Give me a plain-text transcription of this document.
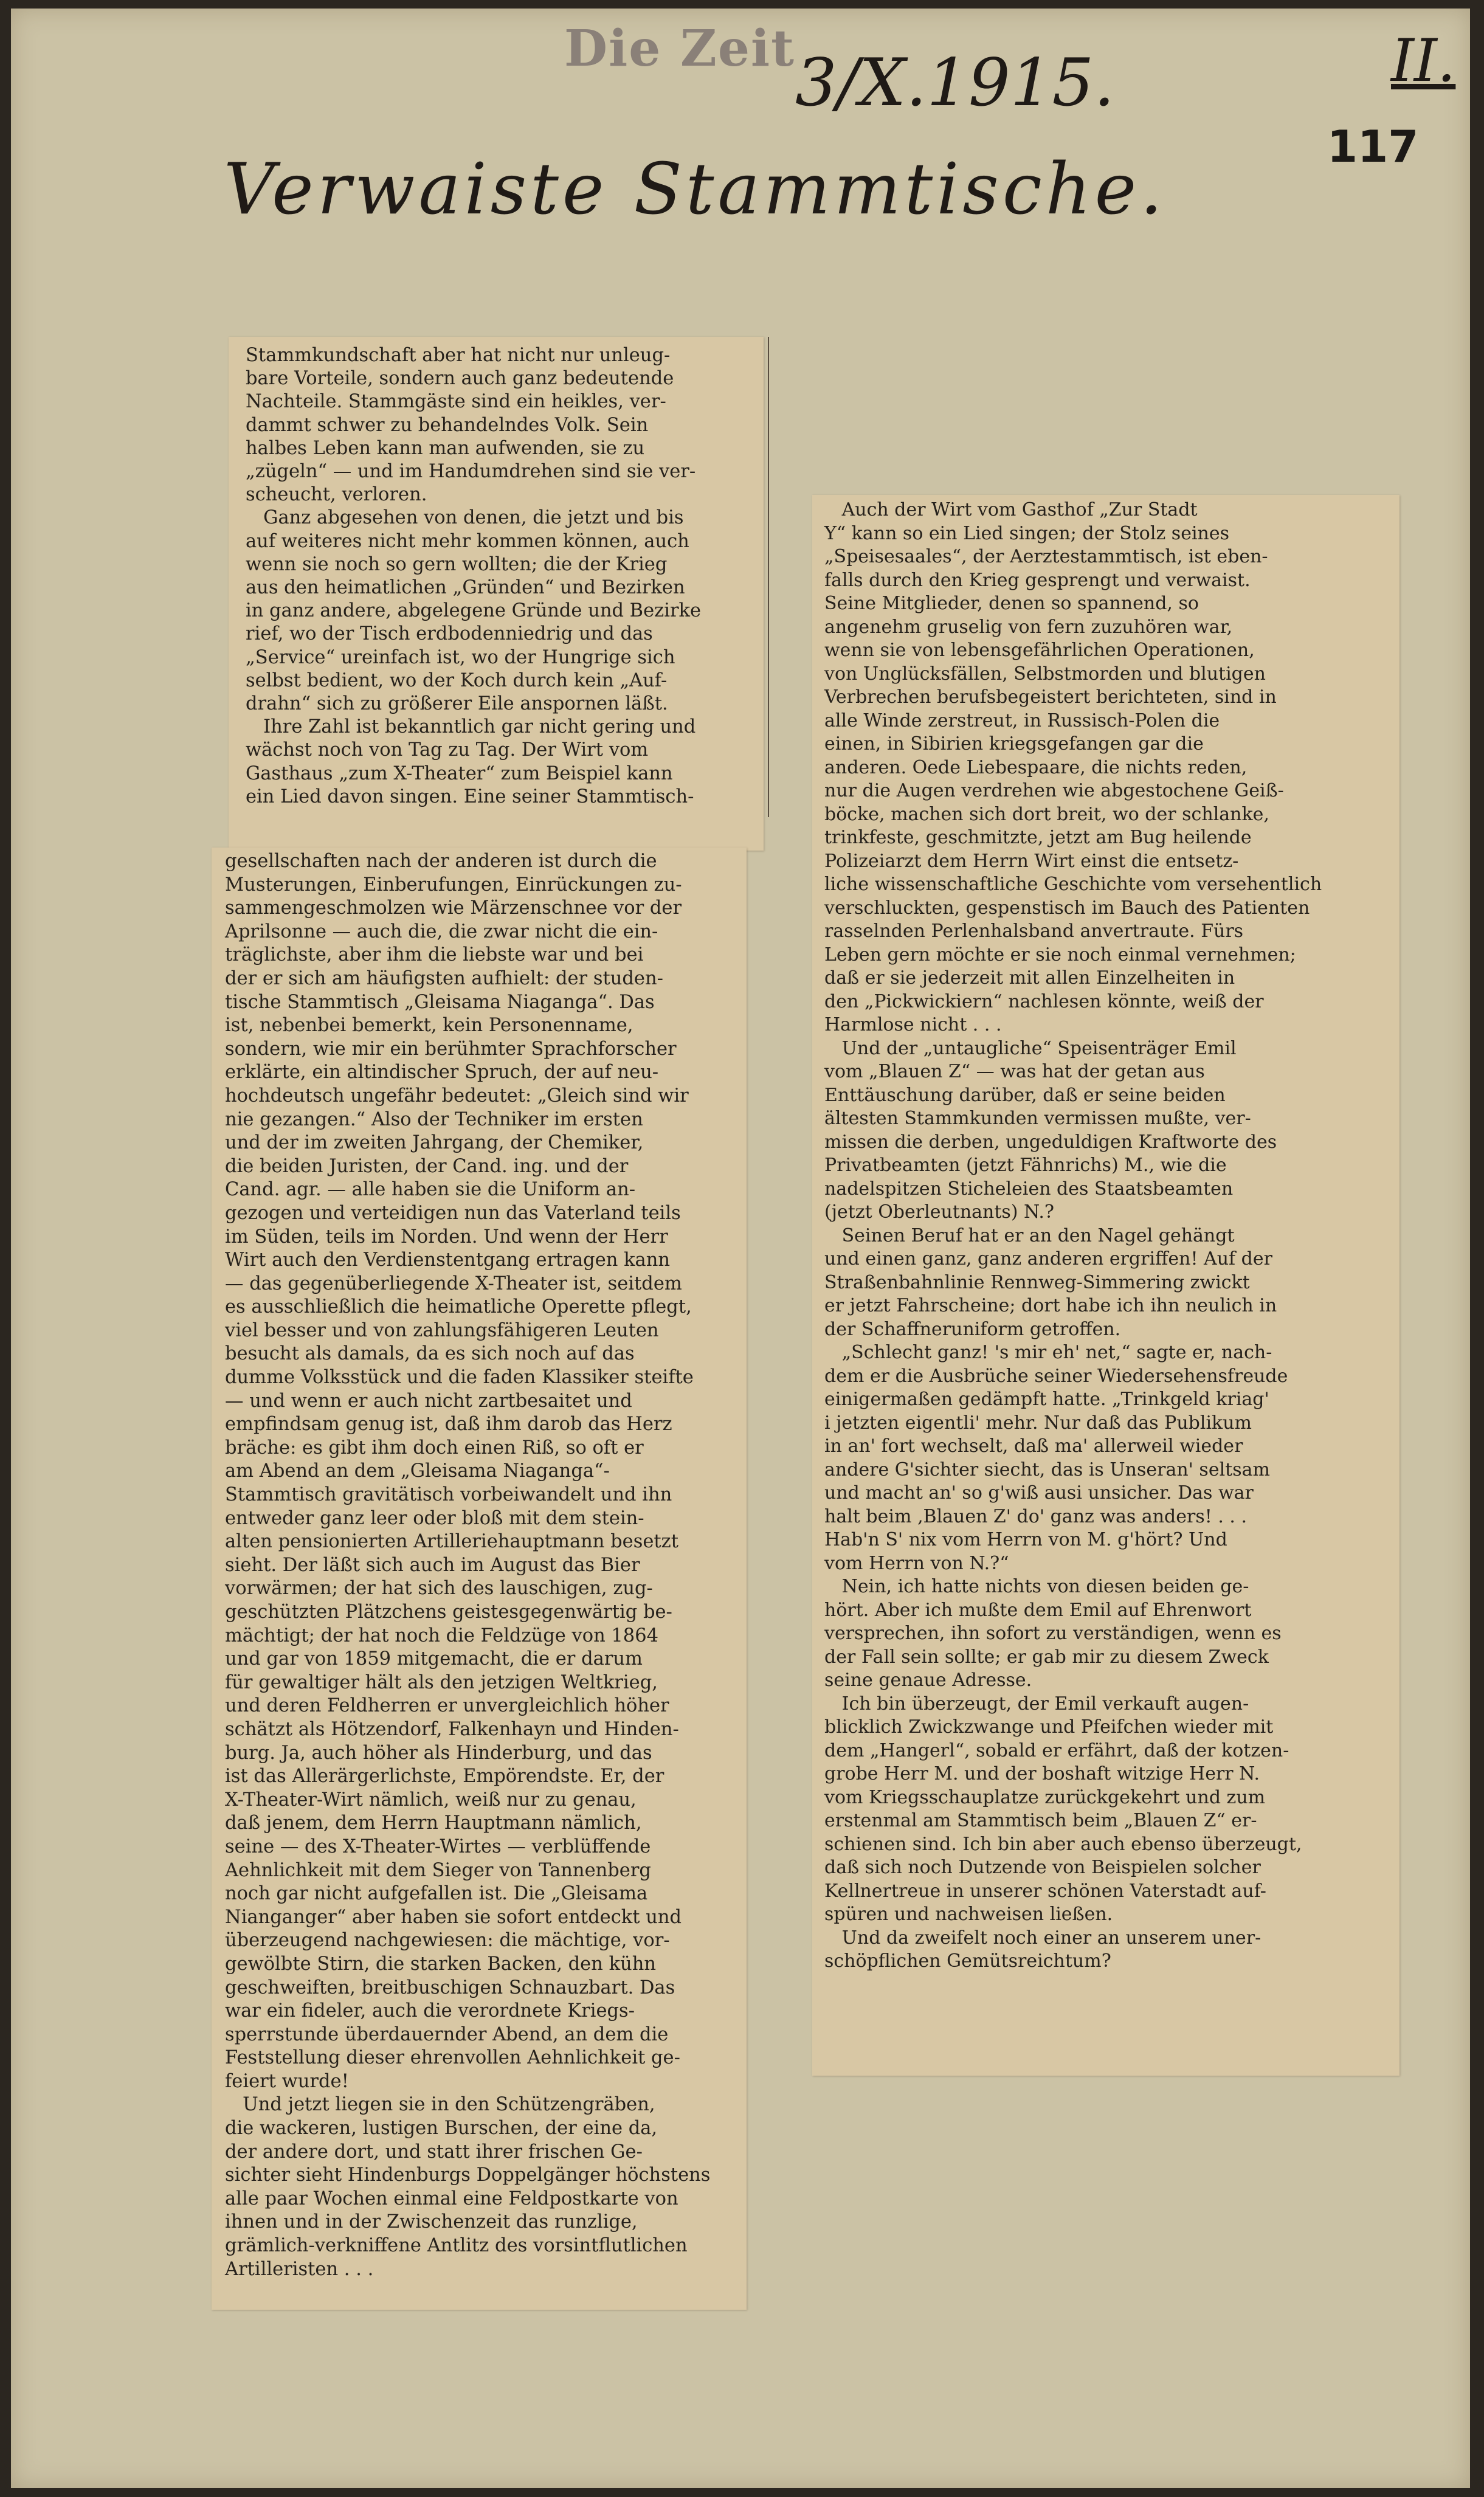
Die Zeit 3/X.1915.	II.
117
Verwaiste Stammtische.

Stammkundschaft aber hat nicht nur unleug-
bare Vorteile, sondern auch ganz bedeutende
Nachteile. Stammgäste sind ein heikles, ver-
dammt schwer zu behandelndes Volk. Sein
halbes Leben kann man aufwenden, sie zu
„zügeln“ — und im Handumdrehen sind sie ver-
scheucht, verloren.
Ganz abgesehen von denen, die jetzt und bis
auf weiteres nicht mehr kommen können, auch
wenn sie noch so gern wollten; die der Krieg
aus den heimatlichen „Gründen“ und Bezirken
in ganz andere, abgelegene Gründe und Bezirke
rief, wo der Tisch erdbodenniedrig und das
„Service“ ureinfach ist, wo der Hungrige sich
selbst bedient, wo der Koch durch kein „Auf-
drahn“ sich zu größerer Eile anspornen läßt.
Ihre Zahl ist bekanntlich gar nicht gering und
wächst noch von Tag zu Tag. Der Wirt vom
Gasthaus „zum X-Theater“ zum Beispiel kann
ein Lied davon singen. Eine seiner Stammtisch-

gesellschaften nach der anderen ist durch die
Musterungen, Einberufungen, Einrückungen zu-
sammengeschmolzen wie Märzenschnee vor der
Aprilsonne — auch die, die zwar nicht die ein-
träglichste, aber ihm die liebste war und bei
der er sich am häufigsten aufhielt: der studen-
tische Stammtisch „Gleisama Niaganga“. Das
ist, nebenbei bemerkt, kein Personenname,
sondern, wie mir ein berühmter Sprachforscher
erklärte, ein altindischer Spruch, der auf neu-
hochdeutsch ungefähr bedeutet: „Gleich sind wir
nie gezangen.“ Also der Techniker im ersten
und der im zweiten Jahrgang, der Chemiker,
die beiden Juristen, der Cand. ing. und der
Cand. agr. — alle haben sie die Uniform an-
gezogen und verteidigen nun das Vaterland teils
im Süden, teils im Norden. Und wenn der Herr
Wirt auch den Verdienstentgang ertragen kann
— das gegenüberliegende X-Theater ist, seitdem
es ausschließlich die heimatliche Operette pflegt,
viel besser und von zahlungsfähigeren Leuten
besucht als damals, da es sich noch auf das
dumme Volksstück und die faden Klassiker steifte
— und wenn er auch nicht zartbesaitet und
empfindsam genug ist, daß ihm darob das Herz
bräche: es gibt ihm doch einen Riß, so oft er
am Abend an dem „Gleisama Niaganga“-
Stammtisch gravitätisch vorbeiwandelt und ihn
entweder ganz leer oder bloß mit dem stein-
alten pensionierten Artilleriehauptmann besetzt
sieht. Der läßt sich auch im August das Bier
vorwärmen; der hat sich des lauschigen, zug-
geschützten Plätzchens geistesgegenwärtig be-
mächtigt; der hat noch die Feldzüge von 1864
und gar von 1859 mitgemacht, die er darum
für gewaltiger hält als den jetzigen Weltkrieg,
und deren Feldherren er unvergleichlich höher
schätzt als Hötzendorf, Falkenhayn und Hinden-
burg. Ja, auch höher als Hinderburg, und das
ist das Allerärgerlichste, Empörendste. Er, der
X-Theater-Wirt nämlich, weiß nur zu genau,
daß jenem, dem Herrn Hauptmann nämlich,
seine — des X-Theater-Wirtes — verblüffende
Aehnlichkeit mit dem Sieger von Tannenberg
noch gar nicht aufgefallen ist. Die „Gleisama
Nianganger“ aber haben sie sofort entdeckt und
überzeugend nachgewiesen: die mächtige, vor-
gewölbte Stirn, die starken Backen, den kühn
geschweiften, breitbuschigen Schnauzbart. Das
war ein fideler, auch die verordnete Kriegs-
sperrstunde überdauernder Abend, an dem die
Feststellung dieser ehrenvollen Aehnlichkeit ge-
feiert wurde!
Und jetzt liegen sie in den Schützengräben,
die wackeren, lustigen Burschen, der eine da,
der andere dort, und statt ihrer frischen Ge-
sichter sieht Hindenburgs Doppelgänger höchstens
alle paar Wochen einmal eine Feldpostkarte von
ihnen und in der Zwischenzeit das runzlige,
grämlich-verkniffene Antlitz des vorsintflutlichen
Artilleristen . . .

Auch der Wirt vom Gasthof „Zur Stadt
Y“ kann so ein Lied singen; der Stolz seines
„Speisesaales“, der Aerztestammtisch, ist eben-
falls durch den Krieg gesprengt und verwaist.
Seine Mitglieder, denen so spannend, so
angenehm gruselig von fern zuzuhören war,
wenn sie von lebensgefährlichen Operationen,
von Unglücksfällen, Selbstmorden und blutigen
Verbrechen berufsbegeistert berichteten, sind in
alle Winde zerstreut, in Russisch-Polen die
einen, in Sibirien kriegsgefangen gar die
anderen. Oede Liebespaare, die nichts reden,
nur die Augen verdrehen wie abgestochene Geiß-
böcke, machen sich dort breit, wo der schlanke,
trinkfeste, geschmitzte, jetzt am Bug heilende
Polizeiarzt dem Herrn Wirt einst die entsetz-
liche wissenschaftliche Geschichte vom versehentlich
verschluckten, gespenstisch im Bauch des Patienten
rasselnden Perlenhalsband anvertraute. Fürs
Leben gern möchte er sie noch einmal vernehmen;
daß er sie jederzeit mit allen Einzelheiten in
den „Pickwickiern“ nachlesen könnte, weiß der
Harmlose nicht . . .
Und der „untaugliche“ Speisenträger Emil
vom „Blauen Z“ — was hat der getan aus
Enttäuschung darüber, daß er seine beiden
ältesten Stammkunden vermissen mußte, ver-
missen die derben, ungeduldigen Kraftworte des
Privatbeamten (jetzt Fähnrichs) M., wie die
nadelspitzen Sticheleien des Staatsbeamten
(jetzt Oberleutnants) N.?
Seinen Beruf hat er an den Nagel gehängt
und einen ganz, ganz anderen ergriffen! Auf der
Straßenbahnlinie Rennweg-Simmering zwickt
er jetzt Fahrscheine; dort habe ich ihn neulich in
der Schaffneruniform getroffen.
„Schlecht ganz! 's mir eh' net,“ sagte er, nach-
dem er die Ausbrüche seiner Wiedersehensfreude
einigermaßen gedämpft hatte. „Trinkgeld kriag'
i jetzten eigentli' mehr. Nur daß das Publikum
in an' fort wechselt, daß ma' allerweil wieder
andere G'sichter siecht, das is Unseran' seltsam
und macht an' so g'wiß ausi unsicher. Das war
halt beim ‚Blauen Z' do' ganz was anders! . . .
Hab'n S' nix vom Herrn von M. g'hört? Und
vom Herrn von N.?“
Nein, ich hatte nichts von diesen beiden ge-
hört. Aber ich mußte dem Emil auf Ehrenwort
versprechen, ihn sofort zu verständigen, wenn es
der Fall sein sollte; er gab mir zu diesem Zweck
seine genaue Adresse.
Ich bin überzeugt, der Emil verkauft augen-
blicklich Zwickzwange und Pfeifchen wieder mit
dem „Hangerl“, sobald er erfährt, daß der kotzen-
grobe Herr M. und der boshaft witzige Herr N.
vom Kriegsschauplatze zurückgekehrt und zum
erstenmal am Stammtisch beim „Blauen Z“ er-
schienen sind. Ich bin aber auch ebenso überzeugt,
daß sich noch Dutzende von Beispielen solcher
Kellnertreue in unserer schönen Vaterstadt auf-
spüren und nachweisen ließen.
Und da zweifelt noch einer an unserem uner-
schöpflichen Gemütsreichtum?
